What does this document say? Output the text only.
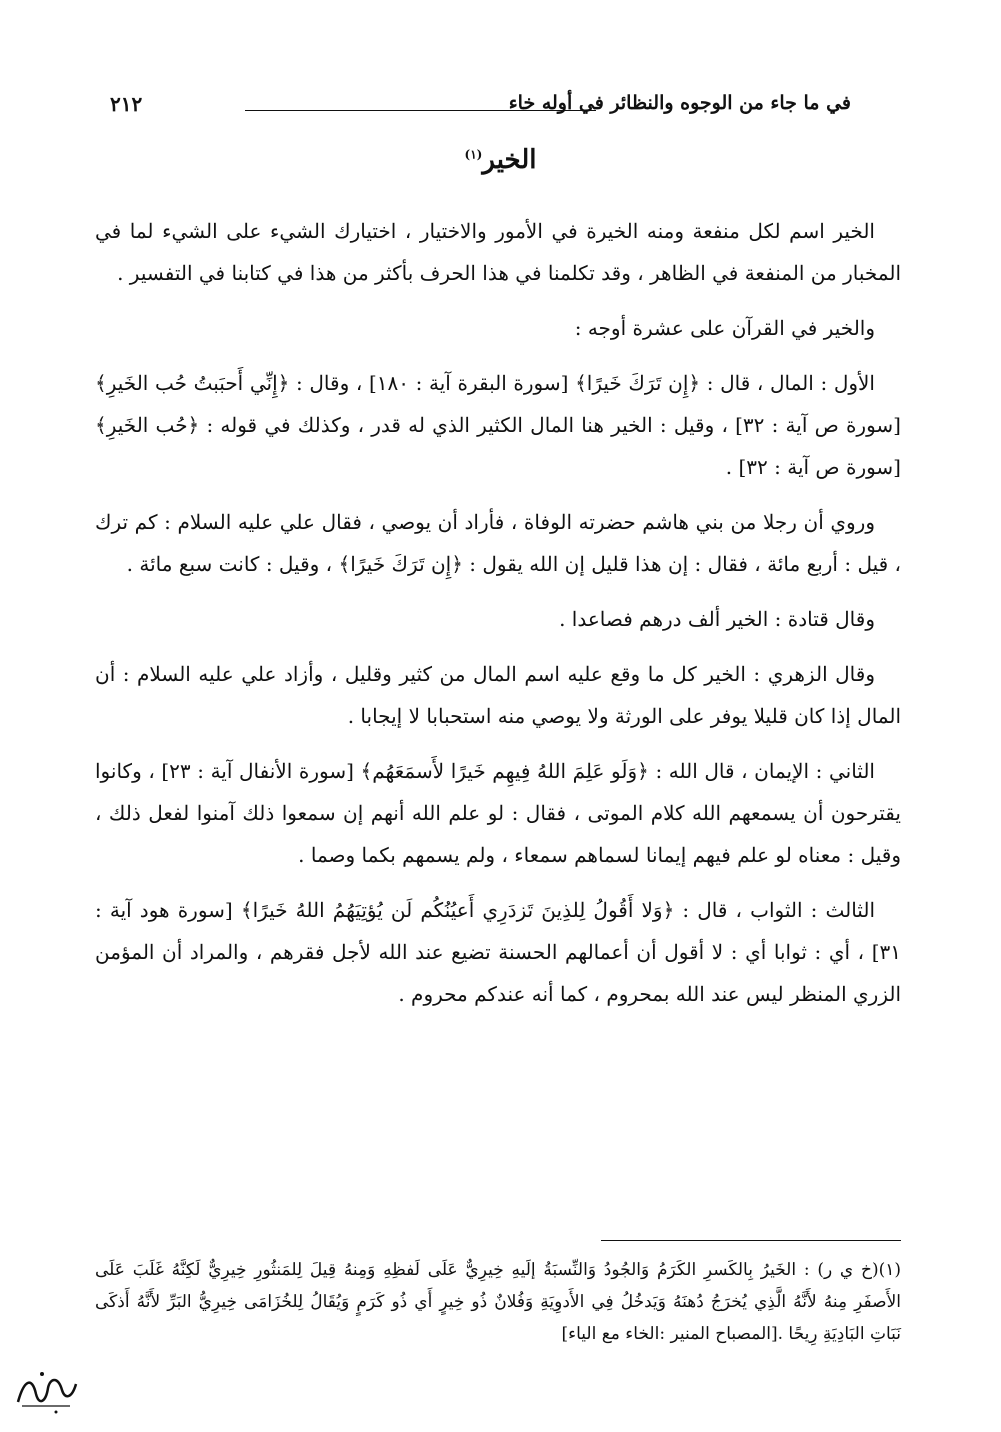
في ما جاء من الوجوه والنظائر في أوله خاء
٢١٢
الخير$^{(١)}$

الخير اسم لكل منفعة ومنه الخيرة في الأمور والاختيار ، اختيارك الشيء على الشيء لما في المخبار من المنفعة في الظاهر ، وقد تكلمنا في هذا الحرف بأكثر من هذا في كتابنا في التفسير .

والخير في القرآن على عشرة أوجه :

الأول : المال ، قال : ﴿إِن تَرَكَ خَيرًا﴾ [سورة البقرة آية : ١٨٠] ، وقال : ﴿إِنِّي أَحبَبتُ حُب الخَيرِ﴾ [سورة ص آية : ٣٢] ، وقيل : الخير هنا المال الكثير الذي له قدر ، وكذلك في قوله : ﴿حُب الخَيرِ﴾ [سورة ص آية : ٣٢] .

وروي أن رجلا من بني هاشم حضرته الوفاة ، فأراد أن يوصي ، فقال علي عليه السلام : كم ترك ، قيل : أربع مائة ، فقال : إن هذا قليل إن الله يقول : ﴿إِن تَرَكَ خَيرًا﴾ ، وقيل : كانت سبع مائة .

وقال قتادة : الخير ألف درهم فصاعدا .

وقال الزهري : الخير كل ما وقع عليه اسم المال من كثير وقليل ، وأزاد علي عليه السلام : أن المال إذا كان قليلا يوفر على الورثة ولا يوصي منه استحبابا لا إيجابا .

الثاني : الإيمان ، قال الله : ﴿وَلَو عَلِمَ اللهُ فِيهِم خَيرًا لأَسمَعَهُم﴾ [سورة الأنفال آية : ٢٣] ، وكانوا يقترحون أن يسمعهم الله كلام الموتى ، فقال : لو علم الله أنهم إن سمعوا ذلك آمنوا لفعل ذلك ، وقيل : معناه لو علم فيهم إيمانا لسماهم سمعاء ، ولم يسمهم بكما وصما .

الثالث : الثواب ، قال : ﴿وَلا أَقُولُ لِلذِينَ تَزدَرِي أَعيُنُكُم لَن يُؤتِيَهُمُ اللهُ خَيرًا﴾ [سورة هود آية : ٣١] ، أي : ثوابا أي : لا أقول أن أعمالهم الحسنة تضيع عند الله لأجل فقرهم ، والمراد أن المؤمن الزري المنظر ليس عند الله بمحروم ، كما أنه عندكم محروم .

(١)(خ ي ر) : الخَيرُ بِالكَسرِ الكَرَمُ وَالجُودُ وَالنِّسبَةُ إلَيهِ خِيرِيٌّ عَلَى لَفظِهِ وَمِنهُ قِيلَ لِلمَنثُورِ خِيرِيٌّ لَكِنَّهُ غَلَبَ عَلَى الأَصفَرِ مِنهُ لأَنَّهُ الَّذِي يُخرَجُ دُهنَهُ وَيَدخُلُ فِي الأَدوِيَةِ وَفُلانٌ ذُو خِيرٍ أَي ذُو كَرَمٍ وَيُقَالُ لِلخُزَامَى خِيرِيُّ البَرِّ لأَنَّهُ أَذكَى نَبَاتِ البَادِيَةِ رِيحًا .[المصباح المنير :الخاء مع الياء]
